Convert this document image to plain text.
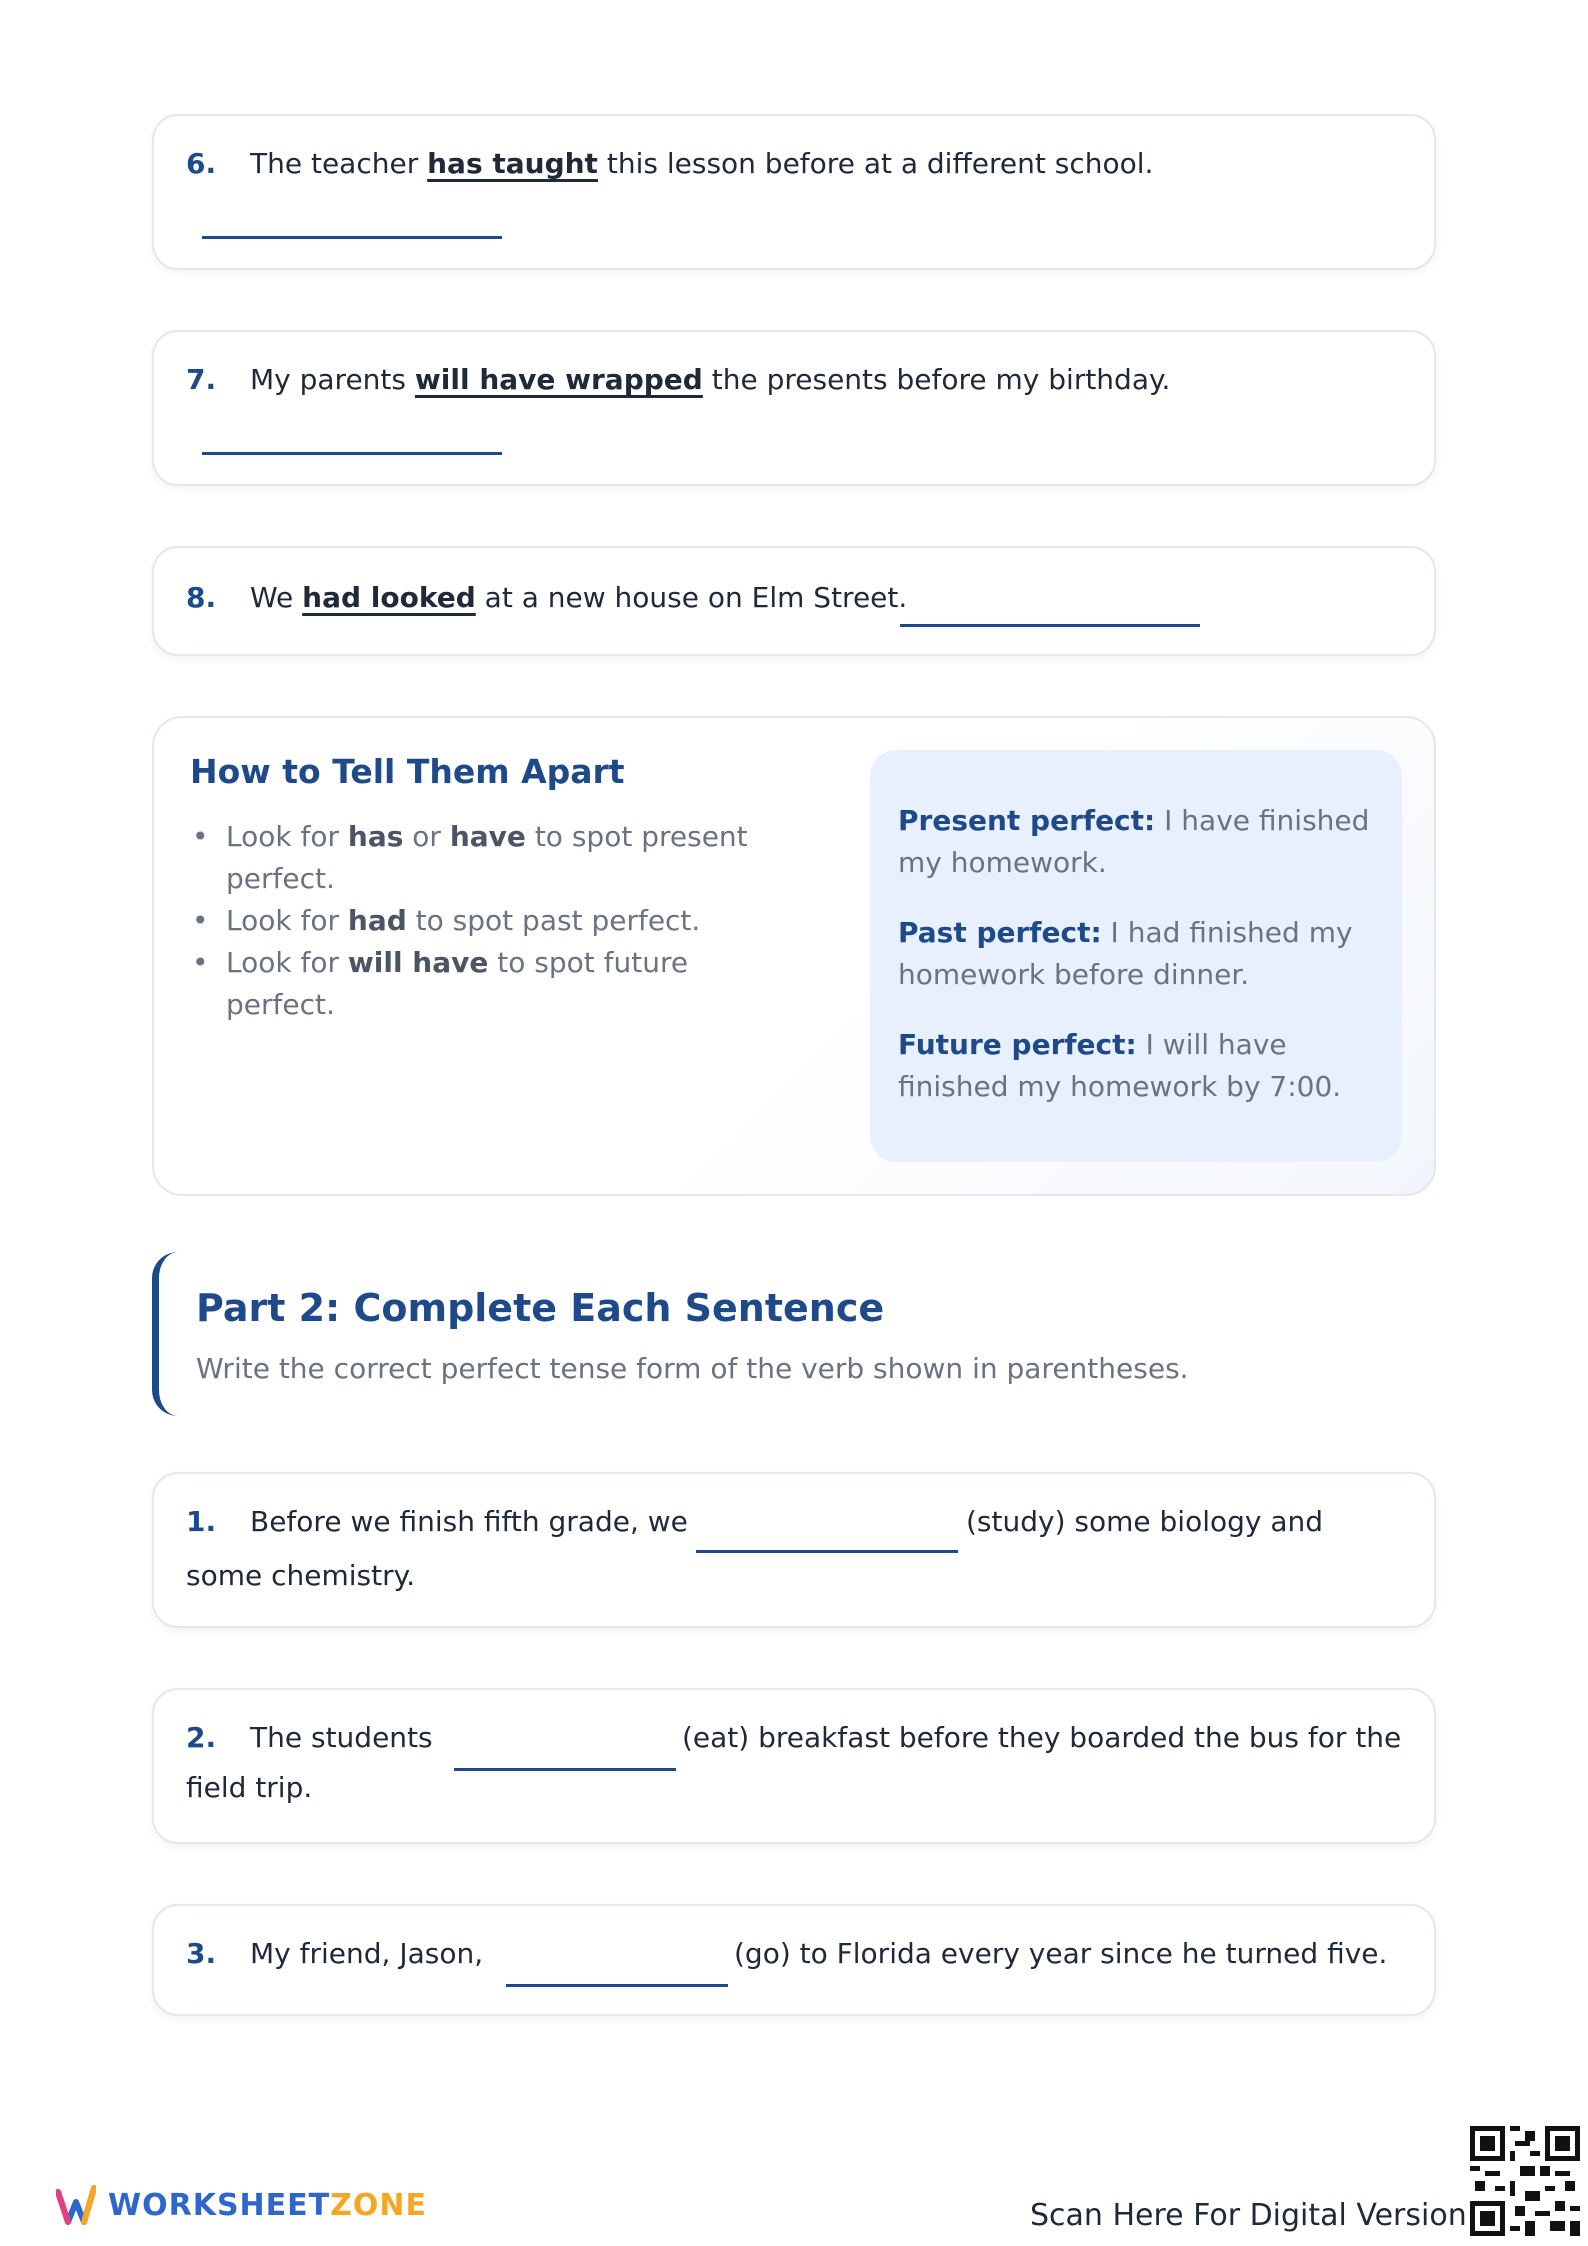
6. The teacher has taught this lesson before at a different school.
7. My parents will have wrapped the presents before my birthday.
8. We had looked at a new house on Elm Street.
How to Tell Them Apart
• Look for has or have to spot present perfect.
• Look for had to spot past perfect.
• Look for will have to spot future perfect.
Present perfect: I have finished my homework.
Past perfect: I had finished my homework before dinner.
Future perfect: I will have finished my homework by 7:00.
Part 2: Complete Each Sentence
Write the correct perfect tense form of the verb shown in parentheses.
1. Before we finish fifth grade, we	(study) some biology and
some chemistry.
2. The students	(eat) breakfast before they boarded the bus for the
field trip.
3. My friend, Jason,	(go) to Florida every year since he turned five.
WORKSHEETZONE	Scan Here For Digital Version
